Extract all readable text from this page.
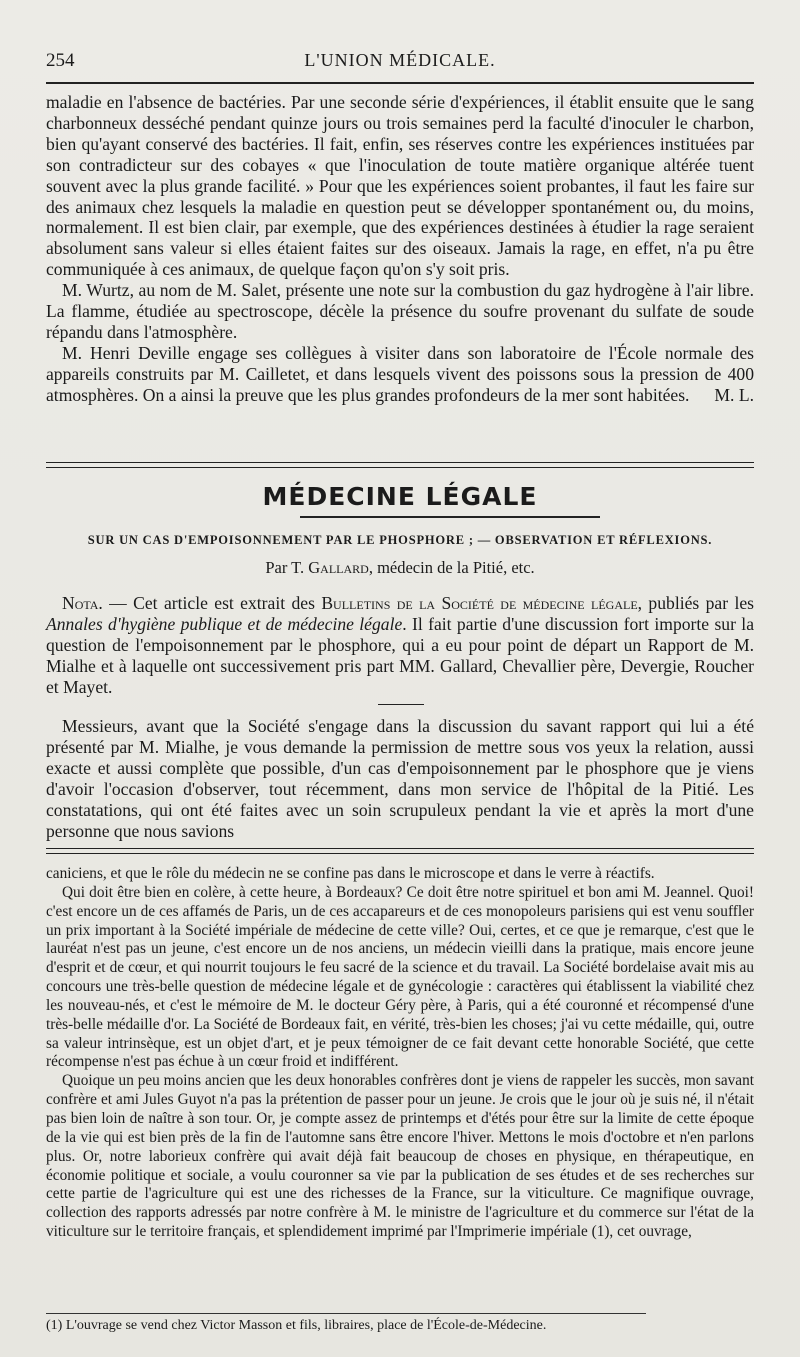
254	L'UNION MÉDICALE.

maladie en l'absence de bactéries. Par une seconde série d'expériences, il établit ensuite que le sang charbonneux desséché pendant quinze jours ou trois semaines perd la faculté d'inoculer le charbon, bien qu'ayant conservé des bactéries. Il fait, enfin, ses réserves contre les expériences instituées par son contradicteur sur des cobayes « que l'inoculation de toute matière organique altérée tuent souvent avec la plus grande facilité. » Pour que les expériences soient probantes, il faut les faire sur des animaux chez lesquels la maladie en question peut se développer spontanément ou, du moins, normalement. Il est bien clair, par exemple, que des expériences destinées à étudier la rage seraient absolument sans valeur si elles étaient faites sur des oiseaux. Jamais la rage, en effet, n'a pu être communiquée à ces animaux, de quelque façon qu'on s'y soit pris.

M. Wurtz, au nom de M. Salet, présente une note sur la combustion du gaz hydrogène à l'air libre. La flamme, étudiée au spectroscope, décèle la présence du soufre provenant du sulfate de soude répandu dans l'atmosphère.

M. Henri Deville engage ses collègues à visiter dans son laboratoire de l'École normale des appareils construits par M. Cailletet, et dans lesquels vivent des poissons sous la pression de 400 atmosphères. On a ainsi la preuve que les plus grandes profondeurs de la mer sont habitées.	M. L.

MÉDECINE LÉGALE
SUR UN CAS D'EMPOISONNEMENT PAR LE PHOSPHORE ; — OBSERVATION ET RÉFLEXIONS.
Par T. Gallard, médecin de la Pitié, etc.

Nota. — Cet article est extrait des Bulletins de la Société de médecine légale, publiés par les Annales d'hygiène publique et de médecine légale. Il fait partie d'une discussion fort importe sur la question de l'empoisonnement par le phosphore, qui a eu pour point de départ un Rapport de M. Mialhe et à laquelle ont successivement pris part MM. Gallard, Chevallier père, Devergie, Roucher et Mayet.

Messieurs, avant que la Société s'engage dans la discussion du savant rapport qui lui a été présenté par M. Mialhe, je vous demande la permission de mettre sous vos yeux la relation, aussi exacte et aussi complète que possible, d'un cas d'empoisonnement par le phosphore que je viens d'avoir l'occasion d'observer, tout récemment, dans mon service de l'hôpital de la Pitié. Les constatations, qui ont été faites avec un soin scrupuleux pendant la vie et après la mort d'une personne que nous savions

caniciens, et que le rôle du médecin ne se confine pas dans le microscope et dans le verre à réactifs.

Qui doit être bien en colère, à cette heure, à Bordeaux? Ce doit être notre spirituel et bon ami M. Jeannel. Quoi! c'est encore un de ces affamés de Paris, un de ces accapareurs et de ces monopoleurs parisiens qui est venu souffler un prix important à la Société impériale de médecine de cette ville? Oui, certes, et ce que je remarque, c'est que le lauréat n'est pas un jeune, c'est encore un de nos anciens, un médecin vieilli dans la pratique, mais encore jeune d'esprit et de cœur, et qui nourrit toujours le feu sacré de la science et du travail. La Société bordelaise avait mis au concours une très-belle question de médecine légale et de gynécologie : caractères qui établissent la viabilité chez les nouveau-nés, et c'est le mémoire de M. le docteur Géry père, à Paris, qui a été couronné et récompensé d'une très-belle médaille d'or. La Société de Bordeaux fait, en vérité, très-bien les choses; j'ai vu cette médaille, qui, outre sa valeur intrinsèque, est un objet d'art, et je peux témoigner de ce fait devant cette honorable Société, que cette récompense n'est pas échue à un cœur froid et indifférent.

Quoique un peu moins ancien que les deux honorables confrères dont je viens de rappeler les succès, mon savant confrère et ami Jules Guyot n'a pas la prétention de passer pour un jeune. Je crois que le jour où je suis né, il n'était pas bien loin de naître à son tour. Or, je compte assez de printemps et d'étés pour être sur la limite de cette époque de la vie qui est bien près de la fin de l'automne sans être encore l'hiver. Mettons le mois d'octobre et n'en parlons plus. Or, notre laborieux confrère qui avait déjà fait beaucoup de choses en physique, en thérapeutique, en économie politique et sociale, a voulu couronner sa vie par la publication de ses études et de ses recherches sur cette partie de l'agriculture qui est une des richesses de la France, sur la viticulture. Ce magnifique ouvrage, collection des rapports adressés par notre confrère à M. le ministre de l'agriculture et du commerce sur l'état de la viticulture sur le territoire français, et splendidement imprimé par l'Imprimerie impériale (1), cet ouvrage,

(1) L'ouvrage se vend chez Victor Masson et fils, libraires, place de l'École-de-Médecine.
